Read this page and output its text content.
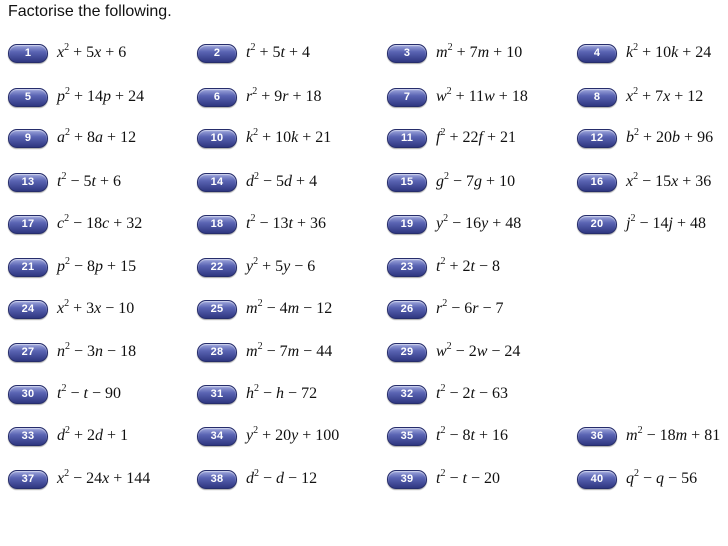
Factorise the following.
1	$x^2 + 5x + 6$	2	$t^2 + 5t + 4$	3	$m^2 + 7m + 10$	4	$k^2 + 10k + 24$
5	$p^2 + 14p + 24$	6	$r^2 + 9r + 18$	7	$w^2 + 11w + 18$	8	$x^2 + 7x + 12$
9	$a^2 + 8a + 12$	10	$k^2 + 10k + 21$	11	$f^2 + 22f + 21$	12	$b^2 + 20b + 96$
13	$t^2 - 5t + 6$	14	$d^2 - 5d + 4$	15	$g^2 - 7g + 10$	16	$x^2 - 15x + 36$
17	$c^2 - 18c + 32$	18	$t^2 - 13t + 36$	19	$y^2 - 16y + 48$	20	$j^2 - 14j + 48$
21	$p^2 - 8p + 15$	22	$y^2 + 5y - 6$	23	$t^2 + 2t - 8$
24	$x^2 + 3x - 10$	25	$m^2 - 4m - 12$	26	$r^2 - 6r - 7$
27	$n^2 - 3n - 18$	28	$m^2 - 7m - 44$	29	$w^2 - 2w - 24$
30	$t^2 - t - 90$	31	$h^2 - h - 72$	32	$t^2 - 2t - 63$
33	$d^2 + 2d + 1$	34	$y^2 + 20y + 100$	35	$t^2 - 8t + 16$	36	$m^2 - 18m + 81$
37	$x^2 - 24x + 144$	38	$d^2 - d - 12$	39	$t^2 - t - 20$	40	$q^2 - q - 56$
